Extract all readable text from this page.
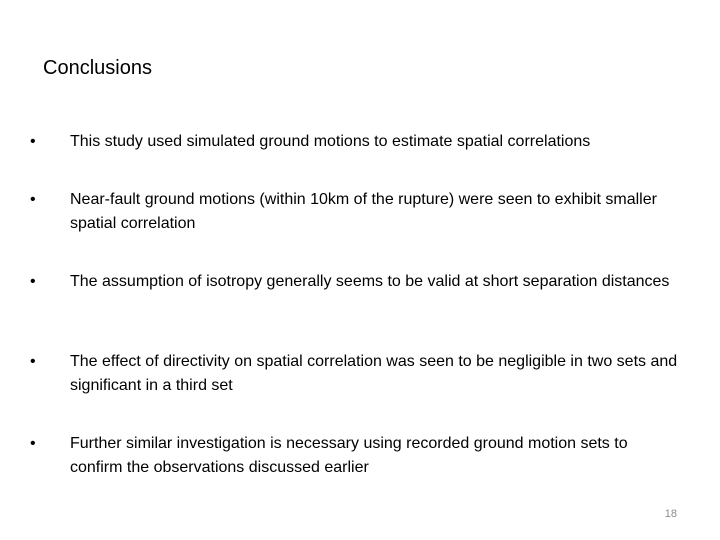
Conclusions
•	This study used simulated ground motions to estimate spatial correlations
•	Near-fault ground motions (within 10km of the rupture) were seen to exhibit smaller spatial correlation
•	The assumption of isotropy generally seems to be valid at short separation distances
•	The effect of directivity on spatial correlation was seen to be negligible in two sets and significant in a third set
•	Further similar investigation is necessary using recorded ground motion sets to confirm the observations discussed earlier
18
